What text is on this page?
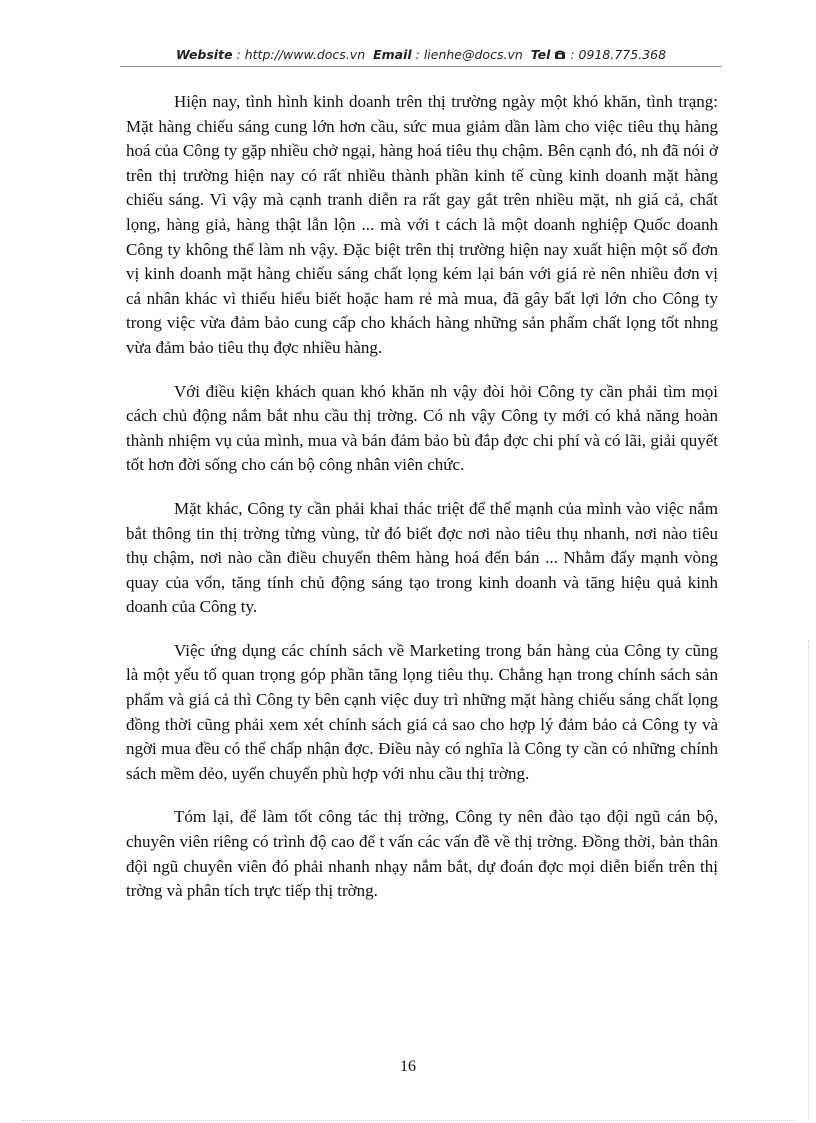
Website : http://www.docs.vn Email : lienhe@docs.vn Tel : 0918.775.368

Hiện nay, tình hình kinh doanh trên thị trường ngày một khó khăn, tình trạng: Mặt hàng chiếu sáng cung lớn hơn cầu, sức mua giảm dần làm cho việc tiêu thụ hàng hoá của Công ty gặp nhiều chở ngại, hàng hoá tiêu thụ chậm. Bên cạnh đó, nh đã nói ở trên thị trường hiện nay có rất nhiều thành phần kinh tế cùng kinh doanh mặt hàng chiếu sáng. Vì vậy mà cạnh tranh diễn ra rất gay gắt trên nhiều mặt, nh giá cả, chất lọng, hàng giả, hàng thật lẫn lộn ... mà với t cách là một doanh nghiệp Quốc doanh Công ty không thể làm nh vậy. Đặc biệt trên thị trường hiện nay xuất hiện một số đơn vị kinh doanh mặt hàng chiếu sáng chất lọng kém lại bán với giá rẻ nên nhiều đơn vị cá nhân khác vì thiếu hiểu biết hoặc ham rẻ mà mua, đã gây bất lợi lớn cho Công ty trong việc vừa đảm bảo cung cấp cho khách hàng những sản phẩm chất lọng tốt nhng vừa đảm bảo tiêu thụ đợc nhiều hàng.

Với điều kiện khách quan khó khăn nh vậy đòi hỏi Công ty cần phải tìm mọi cách chủ động nắm bắt nhu cầu thị trờng. Có nh vậy Công ty mới có khả năng hoàn thành nhiệm vụ của mình, mua và bán đảm bảo bù đắp đợc chi phí và có lãi, giải quyết tốt hơn đời sống cho cán bộ công nhân viên chức.

Mặt khác, Công ty cần phải khai thác triệt để thế mạnh của mình vào việc nắm bắt thông tin thị trờng từng vùng, từ đó biết đợc nơi nào tiêu thụ nhanh, nơi nào tiêu thụ chậm, nơi nào cần điều chuyển thêm hàng hoá đến bán ... Nhằm đẩy mạnh vòng quay của vốn, tăng tính chủ động sáng tạo trong kinh doanh và tăng hiệu quả kinh doanh của Công ty.

Việc ứng dụng các chính sách về Marketing trong bán hàng của Công ty cũng là một yếu tố quan trọng góp phần tăng lọng tiêu thụ. Chẳng hạn trong chính sách sản phẩm và giá cả thì Công ty bên cạnh việc duy trì những mặt hàng chiếu sáng chất lọng đồng thời cũng phải xem xét chính sách giá cả sao cho hợp lý đảm bảo cả Công ty và ngời mua đều có thể chấp nhận đợc. Điều này có nghĩa là Công ty cần có những chính sách mềm dẻo, uyển chuyển phù hợp với nhu cầu thị trờng.

Tóm lại, để làm tốt công tác thị trờng, Công ty nên đào tạo đội ngũ cán bộ, chuyên viên riêng có trình độ cao để t vấn các vấn đề về thị trờng. Đồng thời, bản thân đội ngũ chuyên viên đó phải nhanh nhạy nắm bắt, dự đoán đợc mọi diễn biến trên thị trờng và phân tích trực tiếp thị trờng.

16
